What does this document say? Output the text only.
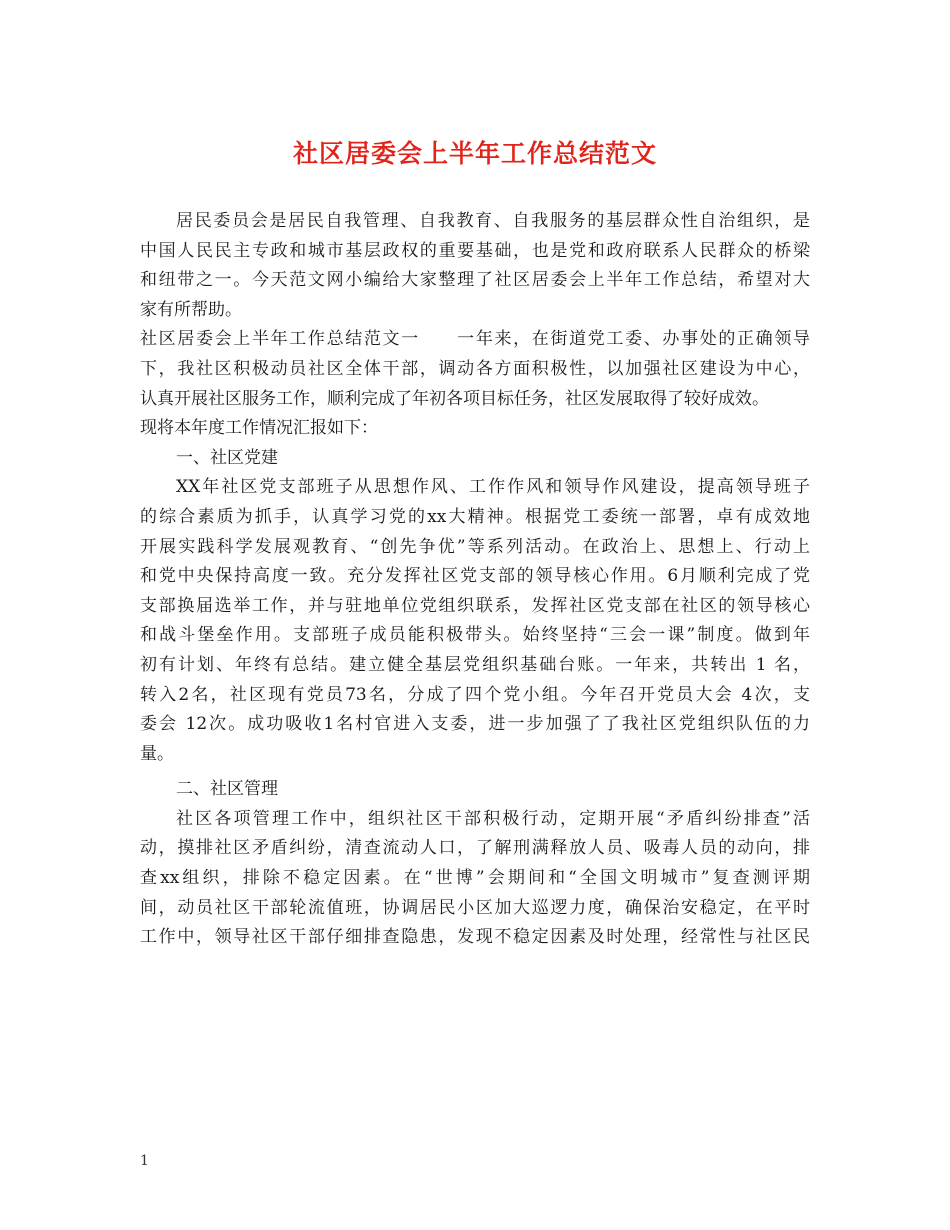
社区居委会上半年工作总结范文
居民委员会是居民自我管理、自我教育、自我服务的基层群众性自治组织，是
中国人民民主专政和城市基层政权的重要基础，也是党和政府联系人民群众的桥梁
和纽带之一。今天范文网小编给大家整理了社区居委会上半年工作总结，希望对大
家有所帮助。
社区居委会上半年工作总结范文一　　一年来，在街道党工委、办事处的正确领导
下，我社区积极动员社区全体干部，调动各方面积极性，以加强社区建设为中心，
认真开展社区服务工作，顺利完成了年初各项目标任务，社区发展取得了较好成效。
现将本年度工作情况汇报如下：
一、社区党建
XX年社区党支部班子从思想作风、工作作风和领导作风建设，提高领导班子
的综合素质为抓手，认真学习党的xx大精神。根据党工委统一部署，卓有成效地
开展实践科学发展观教育、“创先争优”等系列活动。在政治上、思想上、行动上
和党中央保持高度一致。充分发挥社区党支部的领导核心作用。6月顺利完成了党
支部换届选举工作，并与驻地单位党组织联系，发挥社区党支部在社区的领导核心
和战斗堡垒作用。支部班子成员能积极带头。始终坚持“三会一课”制度。做到年
初有计划、年终有总结。建立健全基层党组织基础台账。一年来，共转出 1 名，
转入2名，社区现有党员73名，分成了四个党小组。今年召开党员大会 4次，支
委会 12次。成功吸收1名村官进入支委，进一步加强了了我社区党组织队伍的力
量。
二、社区管理
社区各项管理工作中，组织社区干部积极行动，定期开展“矛盾纠纷排查”活
动，摸排社区矛盾纠纷，清查流动人口，了解刑满释放人员、吸毒人员的动向，排
查xx组织，排除不稳定因素。在“世博”会期间和“全国文明城市”复查测评期
间，动员社区干部轮流值班，协调居民小区加大巡逻力度，确保治安稳定，在平时
工作中，领导社区干部仔细排查隐患，发现不稳定因素及时处理，经常性与社区民
1
